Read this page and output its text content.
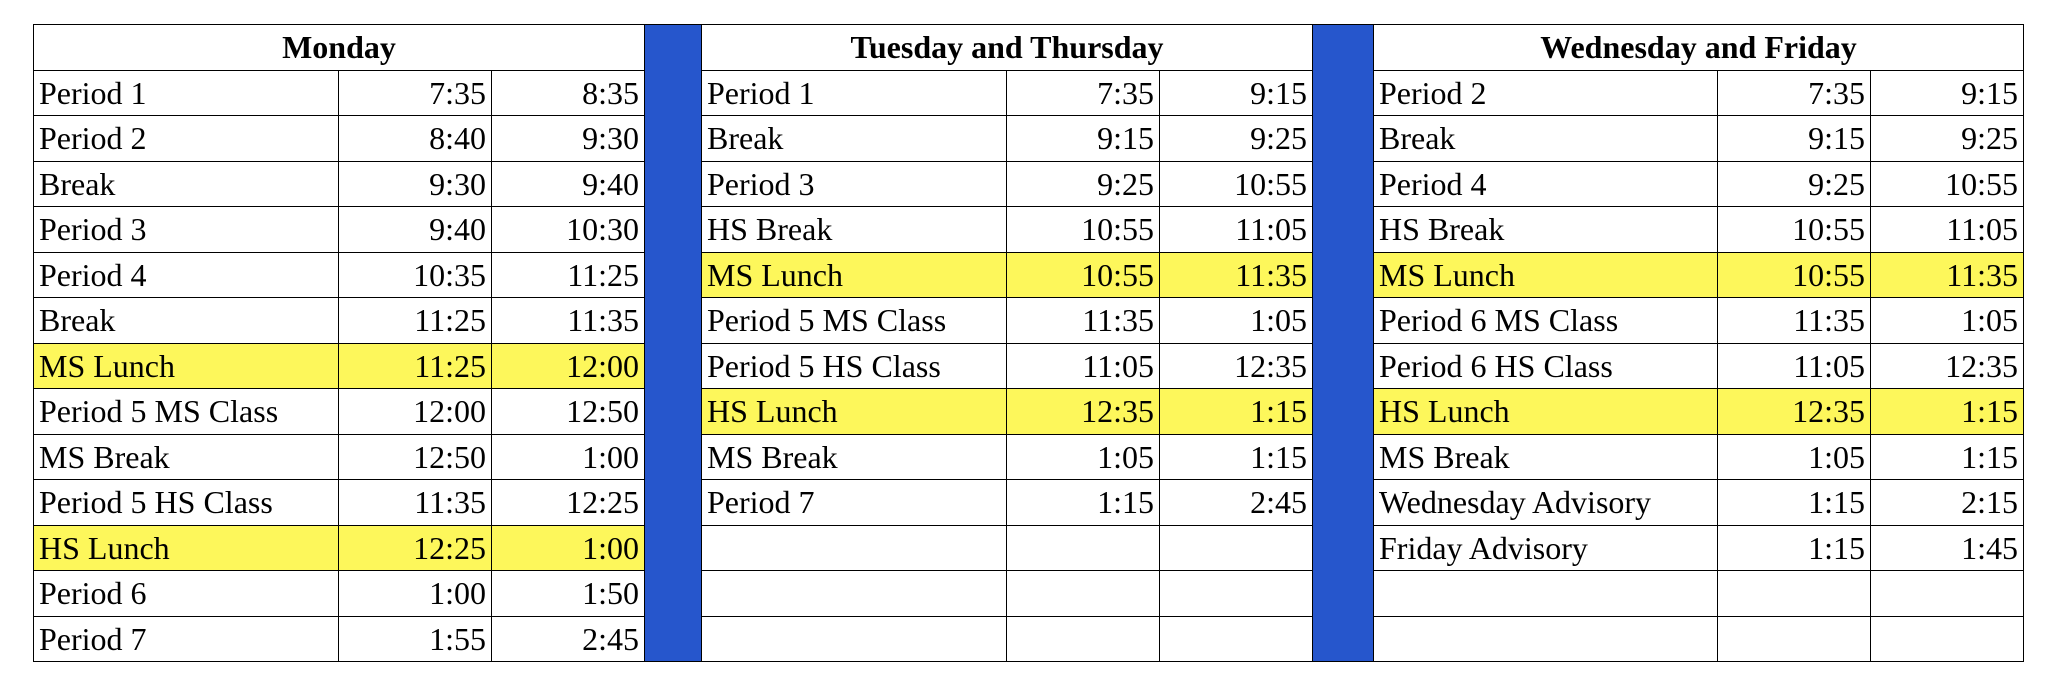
Monday				Tuesday and Thursday				Wednesday and Friday		
Period 1	7:35	8:35		Period 1	7:35	9:15		Period 2	7:35	9:15
Period 2	8:40	9:30		Break	9:15	9:25		Break	9:15	9:25
Break	9:30	9:40		Period 3	9:25	10:55		Period 4	9:25	10:55
Period 3	9:40	10:30		HS Break	10:55	11:05		HS Break	10:55	11:05
Period 4	10:35	11:25		MS Lunch	10:55	11:35		MS Lunch	10:55	11:35
Break	11:25	11:35		Period 5 MS Class	11:35	1:05		Period 6 MS Class	11:35	1:05
MS Lunch	11:25	12:00		Period 5 HS Class	11:05	12:35		Period 6 HS Class	11:05	12:35
Period 5 MS Class	12:00	12:50		HS Lunch	12:35	1:15		HS Lunch	12:35	1:15
MS Break	12:50	1:00		MS Break	1:05	1:15		MS Break	1:05	1:15
Period 5 HS Class	11:35	12:25		Period 7	1:15	2:45		Wednesday Advisory	1:15	2:15
HS Lunch	12:25	1:00						Friday Advisory	1:15	1:45
Period 6	1:00	1:50								
Period 7	1:55	2:45								
